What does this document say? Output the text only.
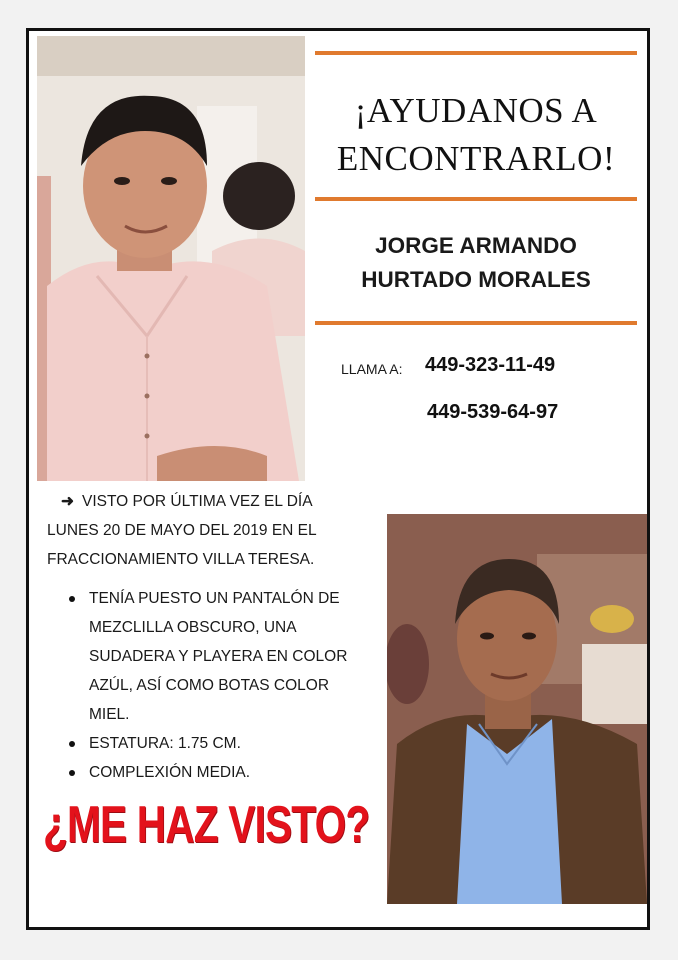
¡AYUDANOS A
ENCONTRARLO!
JORGE ARMANDO
HURTADO MORALES
LLAMA A: 449-323-11-49
449-539-64-97
➜ VISTO POR ÚLTIMA VEZ EL DÍA
LUNES 20 DE MAYO DEL 2019 EN EL
FRACCIONAMIENTO VILLA TERESA.
TENÍA PUESTO UN PANTALÓN DE MEZCLILLA OBSCURO, UNA SUDADERA Y PLAYERA EN COLOR AZÚL, ASÍ COMO BOTAS COLOR MIEL.
ESTATURA: 1.75 CM.
COMPLEXIÓN MEDIA.
¿ME HAZ VISTO?
